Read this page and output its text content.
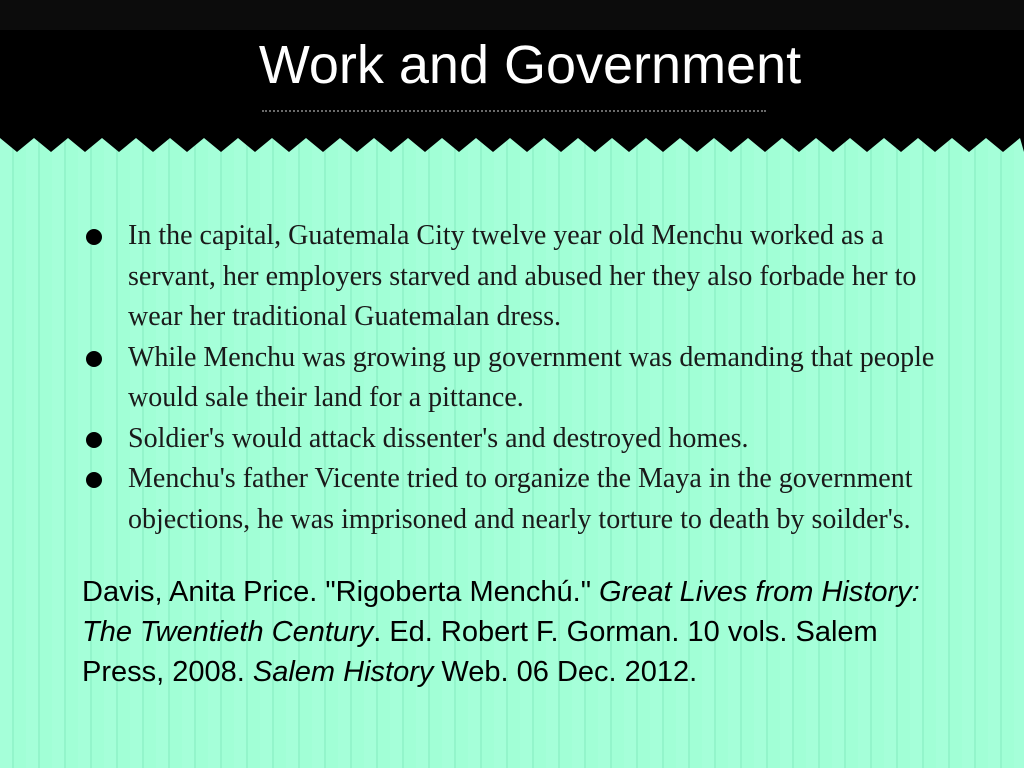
Work and Government
In the capital, Guatemala City twelve year old Menchu worked as a servant, her employers starved and abused her they also forbade her to wear her traditional Guatemalan dress.
While Menchu was growing up government was demanding that people would sale their land for a pittance.
Soldier's would attack dissenter's and destroyed homes.
Menchu's father Vicente tried to organize the Maya in the government objections, he was imprisoned and nearly torture to death by soilder's.

Davis, Anita Price. "Rigoberta Menchú." Great Lives from History: The Twentieth Century. Ed. Robert F. Gorman. 10 vols. Salem Press, 2008. Salem History Web. 06 Dec. 2012.
